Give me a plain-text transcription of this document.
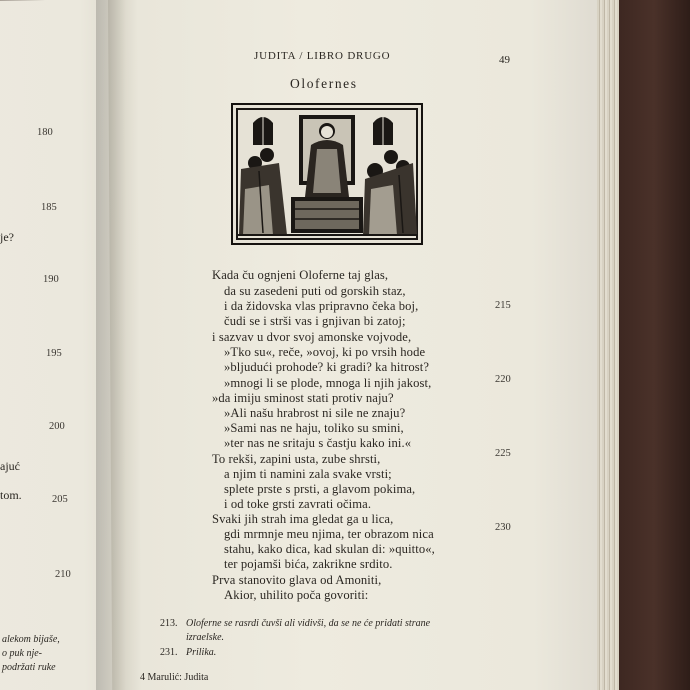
180
185
190
195
200
205
210
je?
ajuć
tom.
alekom bijaše,
o puk nje-
podržati ruke
JUDITA / LIBRO DRUGO	49
Olofernes
Kada ču ognjeni Oloferne taj glas,
da su zasedeni puti od gorskih staz,
i da židovska vlas pripravno čeka boj,
čudi se i strši vas i gnjivan bi zatoj;
i sazvav u dvor svoj amonske vojvode,
»Tko su«, reče, »ovoj, ki po vrsih hode
»bljudući prohode? ki gradi? ka hitrost?
»mnogi li se plode, mnoga li njih jakost,
»da imiju sminost stati protiv naju?
»Ali našu hrabrost ni sile ne znaju?
»Sami nas ne haju, toliko su smini,
»ter nas ne sritaju s častju kako ini.«
To rekši, zapini usta, zube shrsti,
a njim ti namini zala svake vrsti;
splete prste s prsti, a glavom pokima,
i od toke grsti zavrati očima.
Svaki jih strah ima gledat ga u lica,
gdi mrmnje meu njima, ter obrazom nica
stahu, kako dica, kad skulan di: »quitto«,
ter pojamši bića, zakrikne srdito.
Prva stanovito glava od Amoniti,
Akior, uhilito poča govoriti:
215
220
225
230
213. Oloferne se rasrdi čuvši ali vidivši, da se ne će pridati strane
izraelske.
231. Prilika.
4 Marulić: Judita
